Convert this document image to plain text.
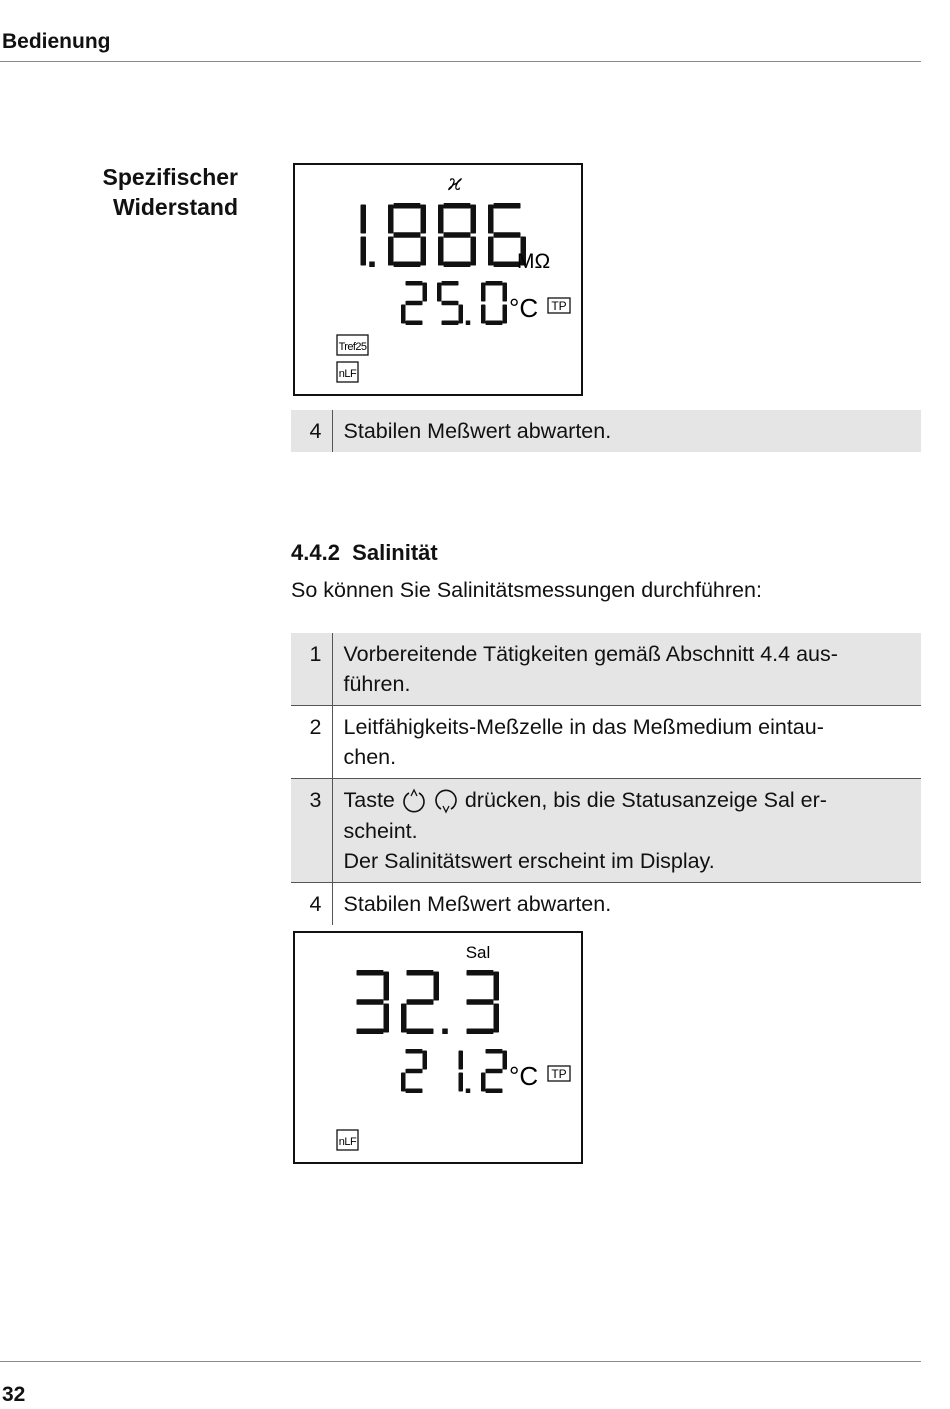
Bedienung
Spezifischer
Widerstand
ϰ
MΩ
°C TP
Tref25
nLF
4	Stabilen Meßwert abwarten.
4.4.2 Salinität
So können Sie Salinitätsmessungen durchführen:
1	Vorbereitende Tätigkeiten gemäß Abschnitt 4.4 aus-
führen.

2	Leitfähigkeits-Meßzelle in das Meßmedium eintau-
chen.

3	Taste drücken, bis die Statusanzeige Sal er-
scheint.
Der Salinitätswert erscheint im Display.

4	Stabilen Meßwert abwarten.
Sal
°C TP
nLF
32
